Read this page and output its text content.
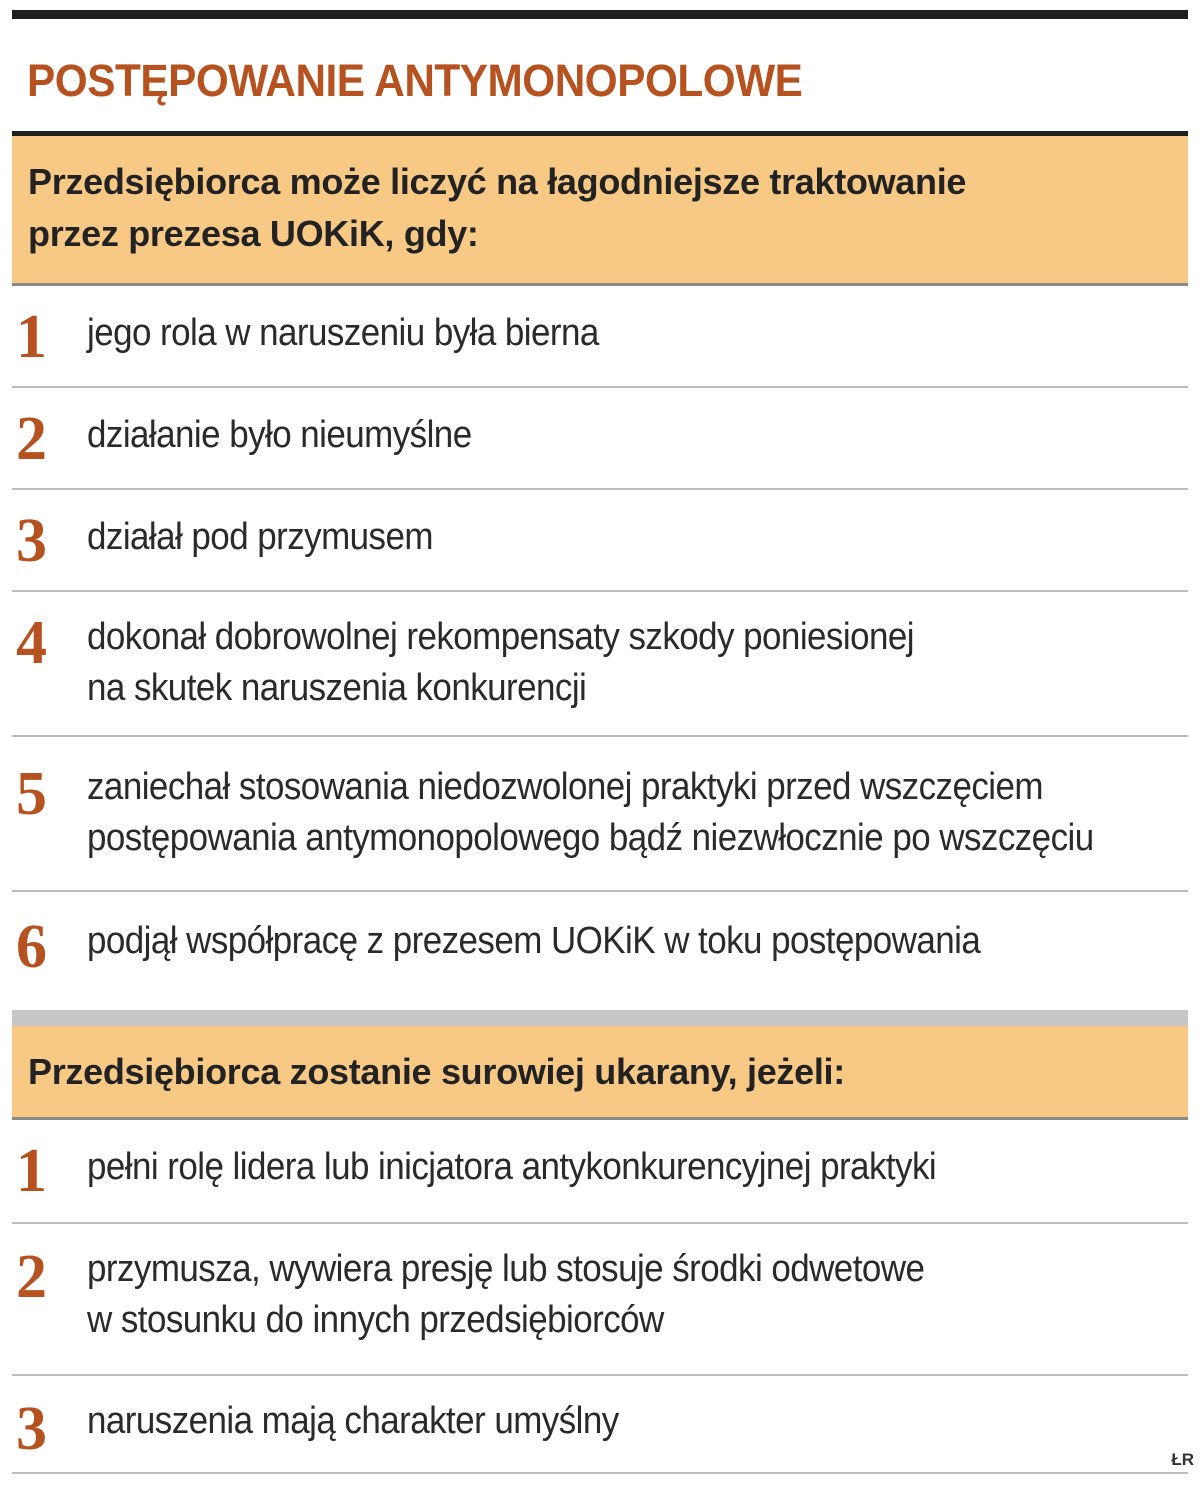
POSTĘPOWANIE ANTYMONOPOLOWE
Przedsiębiorca może liczyć na łagodniejsze traktowanie
przez prezesa UOKiK, gdy:
1 jego rola w naruszeniu była bierna
2 działanie było nieumyślne
3 działał pod przymusem
4 dokonał dobrowolnej rekompensaty szkody poniesionej
na skutek naruszenia konkurencji
5 zaniechał stosowania niedozwolonej praktyki przed wszczęciem
postępowania antymonopolowego bądź niezwłocznie po wszczęciu
6 podjął współpracę z prezesem UOKiK w toku postępowania
Przedsiębiorca zostanie surowiej ukarany, jeżeli:
1 pełni rolę lidera lub inicjatora antykonkurencyjnej praktyki
2 przymusza, wywiera presję lub stosuje środki odwetowe
w stosunku do innych przedsiębiorców
3 naruszenia mają charakter umyślny
ŁR
